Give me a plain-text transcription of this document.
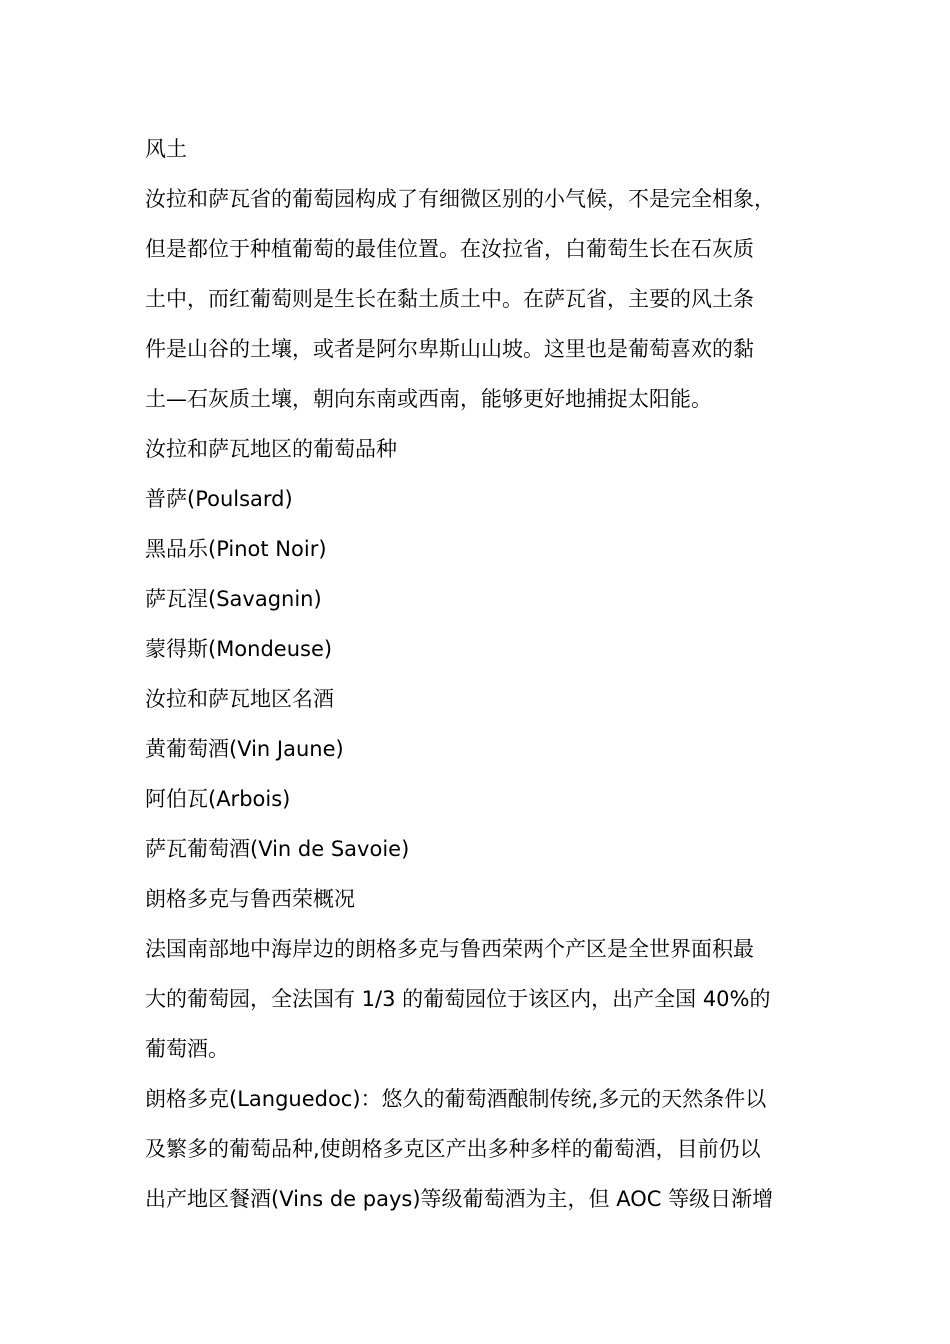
风土
汝拉和萨瓦省的葡萄园构成了有细微区别的小气候，不是完全相象，
但是都位于种植葡萄的最佳位置。在汝拉省，白葡萄生长在石灰质
土中，而红葡萄则是生长在黏土质土中。在萨瓦省，主要的风土条
件是山谷的土壤，或者是阿尔卑斯山山坡。这里也是葡萄喜欢的黏
土—石灰质土壤，朝向东南或西南，能够更好地捕捉太阳能。
汝拉和萨瓦地区的葡萄品种
普萨(Poulsard)
黑品乐(Pinot Noir)
萨瓦涅(Savagnin)
蒙得斯(Mondeuse)
汝拉和萨瓦地区名酒
黄葡萄酒(Vin Jaune)
阿伯瓦(Arbois)
萨瓦葡萄酒(Vin de Savoie)
朗格多克与鲁西荣概况
法国南部地中海岸边的朗格多克与鲁西荣两个产区是全世界面积最
大的葡萄园，全法国有 1/3 的葡萄园位于该区内，出产全国 40%的
葡萄酒。
朗格多克(Languedoc)：悠久的葡萄酒酿制传统,多元的天然条件以
及繁多的葡萄品种,使朗格多克区产出多种多样的葡萄酒，目前仍以
出产地区餐酒(Vins de pays)等级葡萄酒为主，但 AOC 等级日渐增
